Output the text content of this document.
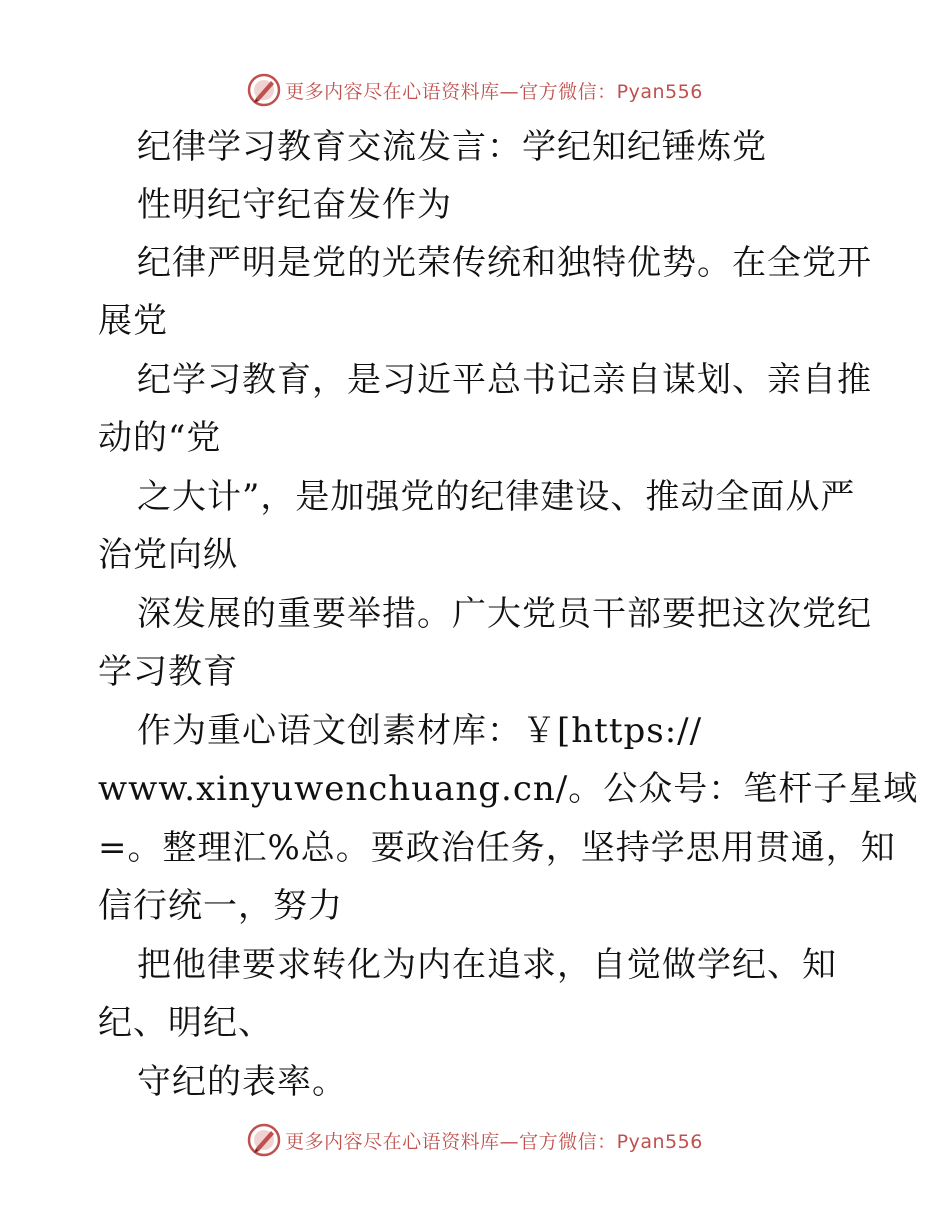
更多内容尽在心语资料库—官方微信：Pyan556
纪律学习教育交流发言：学纪知纪锤炼党
性明纪守纪奋发作为
纪律严明是党的光荣传统和独特优势。在全党开
展党
纪学习教育，是习近平总书记亲自谋划、亲自推
动的“党
之大计”，是加强党的纪律建设、推动全面从严
治党向纵
深发展的重要举措。广大党员干部要把这次党纪
学习教育
作为重心语文创素材库：￥[https://
www.xinyuwenchuang.cn/。公众号：笔杆子星域
=。整理汇%总。要政治任务，坚持学思用贯通，知
信行统一，努力
把他律要求转化为内在追求，自觉做学纪、知
纪、明纪、
守纪的表率。
更多内容尽在心语资料库—官方微信：Pyan556
